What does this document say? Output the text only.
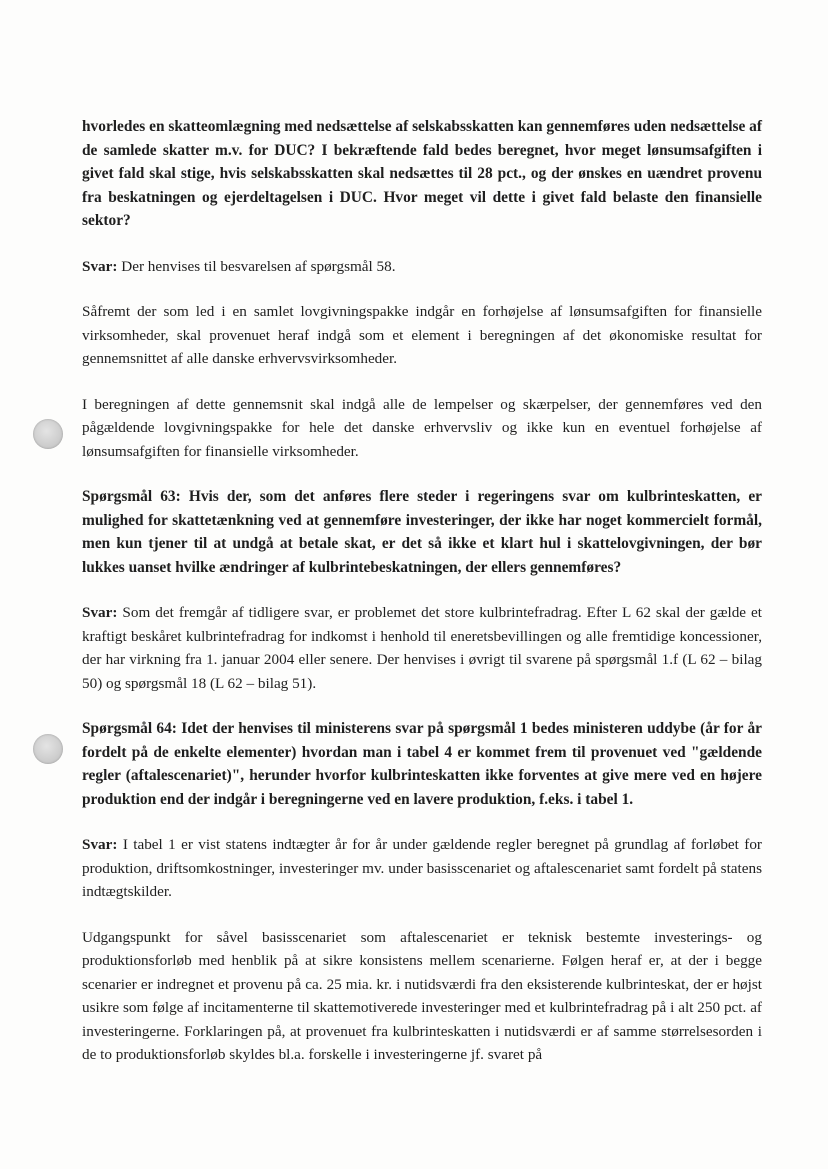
hvorledes en skatteomlægning med nedsættelse af selskabsskatten kan gennemføres uden nedsættelse af de samlede skatter m.v. for DUC? I bekræftende fald bedes beregnet, hvor meget lønsumsafgiften i givet fald skal stige, hvis selskabsskatten skal nedsættes til 28 pct., og der ønskes en uændret provenu fra beskatningen og ejerdeltagelsen i DUC. Hvor meget vil dette i givet fald belaste den finansielle sektor?

Svar: Der henvises til besvarelsen af spørgsmål 58.

Såfremt der som led i en samlet lovgivningspakke indgår en forhøjelse af lønsumsafgiften for finansielle virksomheder, skal provenuet heraf indgå som et element i beregningen af det økonomiske resultat for gennemsnittet af alle danske erhvervsvirksomheder.

I beregningen af dette gennemsnit skal indgå alle de lempelser og skærpelser, der gennemføres ved den pågældende lovgivningspakke for hele det danske erhvervsliv og ikke kun en eventuel forhøjelse af lønsumsafgiften for finansielle virksomheder.

Spørgsmål 63: Hvis der, som det anføres flere steder i regeringens svar om kulbrinteskatten, er mulighed for skattetænkning ved at gennemføre investeringer, der ikke har noget kommercielt formål, men kun tjener til at undgå at betale skat, er det så ikke et klart hul i skattelovgivningen, der bør lukkes uanset hvilke ændringer af kulbrintebeskatningen, der ellers gennemføres?

Svar: Som det fremgår af tidligere svar, er problemet det store kulbrintefradrag. Efter L 62 skal der gælde et kraftigt beskåret kulbrintefradrag for indkomst i henhold til eneretsbevillingen og alle fremtidige koncessioner, der har virkning fra 1. januar 2004 eller senere. Der henvises i øvrigt til svarene på spørgsmål 1.f (L 62 – bilag 50) og spørgsmål 18 (L 62 – bilag 51).

Spørgsmål 64: Idet der henvises til ministerens svar på spørgsmål 1 bedes ministeren uddybe (år for år fordelt på de enkelte elementer) hvordan man i tabel 4 er kommet frem til provenuet ved "gældende regler (aftalescenariet)", herunder hvorfor kulbrinteskatten ikke forventes at give mere ved en højere produktion end der indgår i beregningerne ved en lavere produktion, f.eks. i tabel 1.

Svar: I tabel 1 er vist statens indtægter år for år under gældende regler beregnet på grundlag af forløbet for produktion, driftsomkostninger, investeringer mv. under basisscenariet og aftalescenariet samt fordelt på statens indtægtskilder.

Udgangspunkt for såvel basisscenariet som aftalescenariet er teknisk bestemte investerings- og produktionsforløb med henblik på at sikre konsistens mellem scenarierne. Følgen heraf er, at der i begge scenarier er indregnet et provenu på ca. 25 mia. kr. i nutidsværdi fra den eksisterende kulbrinteskat, der er højst usikre som følge af incitamenterne til skattemotiverede investeringer med et kulbrintefradrag på i alt 250 pct. af investeringerne. Forklaringen på, at provenuet fra kulbrinteskatten i nutidsværdi er af samme størrelsesorden i de to produktionsforløb skyldes bl.a. forskelle i investeringerne jf. svaret på
